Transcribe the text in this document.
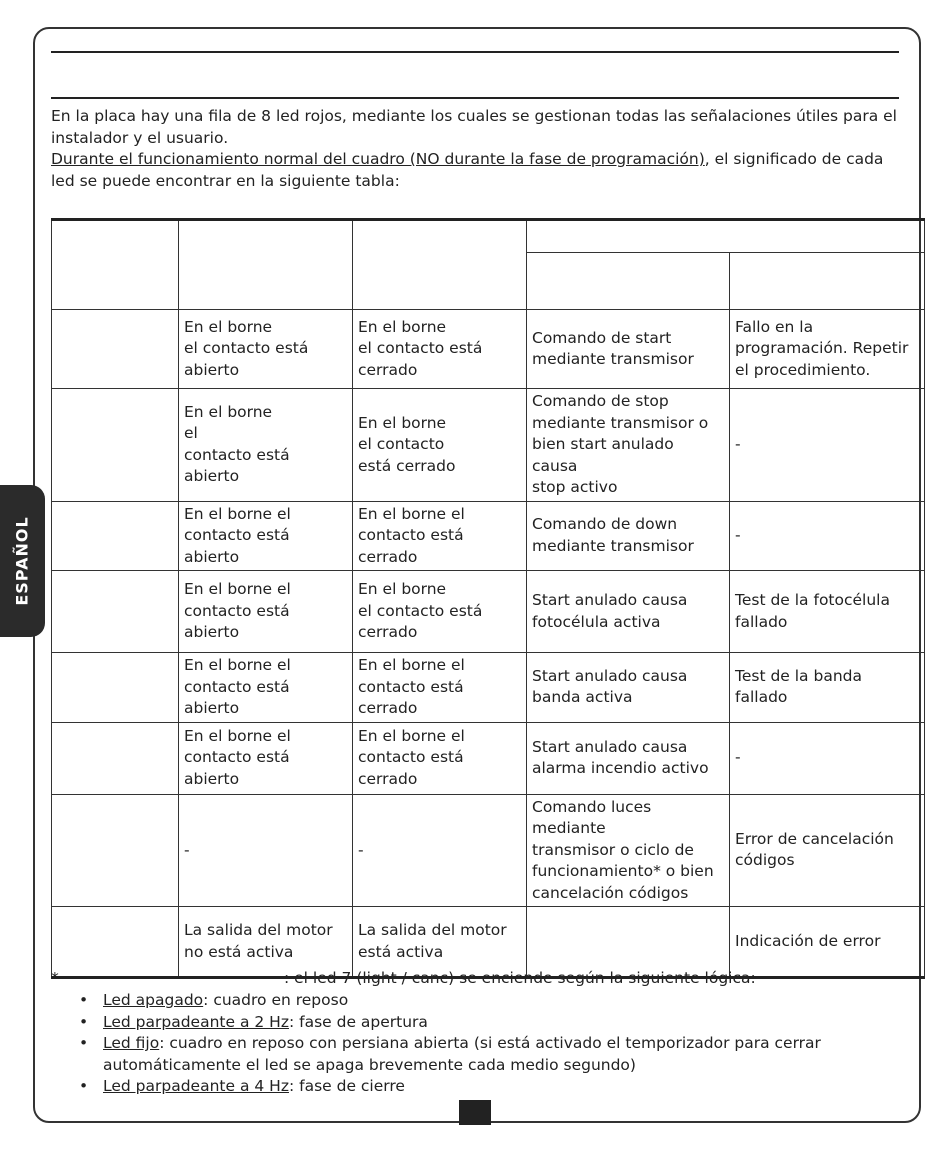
En la placa hay una fila de 8 led rojos, mediante los cuales se gestionan todas las señalaciones útiles para el instalador y el usuario.
Durante el funcionamiento normal del cuadro (NO durante la fase de programación), el significado de cada led se puede encontrar en la siguiente tabla:

ESPAÑOL

	En el borne
el contacto está
abierto	En el borne
el contacto está
cerrado	Comando de start
mediante transmisor	Fallo en la
programación. Repetir
el procedimiento.

	En el borne
el
contacto está abierto	En el borne
el contacto
está cerrado	Comando de stop
mediante transmisor o
bien start anulado causa
stop activo	-

	En el borne el
contacto está abierto	En el borne el
contacto está cerrado	Comando de down
mediante transmisor	-

	En el borne el
contacto está abierto	En el borne
el contacto está
cerrado	Start anulado causa
fotocélula activa	Test de la fotocélula
fallado

	En el borne el
contacto está abierto	En el borne el
contacto está cerrado	Start anulado causa
banda activa	Test de la banda
fallado

	En el borne el
contacto está abierto	En el borne el
contacto está cerrado	Start anulado causa
alarma incendio activo	-

	-	-	Comando luces mediante
transmisor o ciclo de
funcionamiento* o bien
cancelación códigos	Error de cancelación
códigos

	La salida del motor
no está activa	La salida del motor
está activa		Indicación de error
*	: el led 7 (light / canc) se enciende según la siguiente lógica:
• Led apagado: cuadro en reposo
• Led parpadeante a 2 Hz: fase de apertura
• Led fijo: cuadro en reposo con persiana abierta (si está activado el temporizador para cerrar automáticamente el led se apaga brevemente cada medio segundo)
• Led parpadeante a 4 Hz: fase de cierre
